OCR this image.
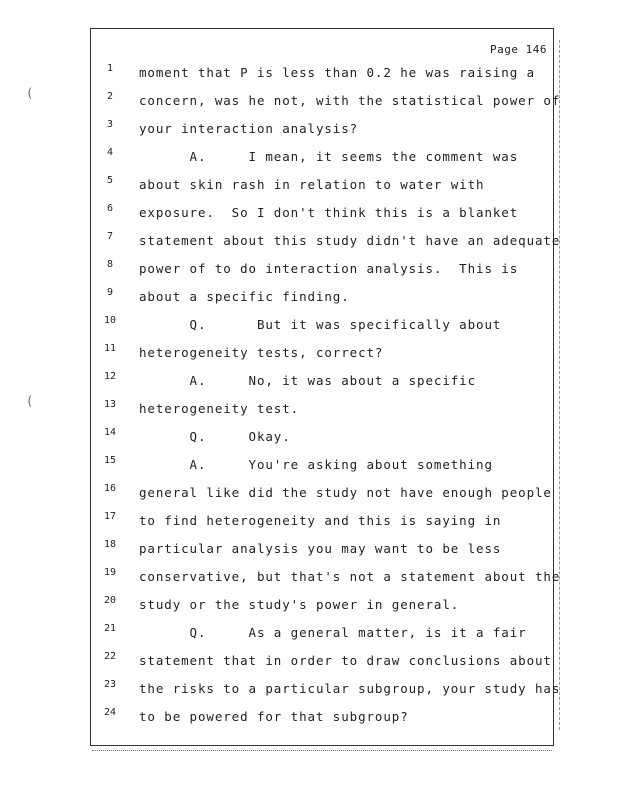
Page 146
1	moment that P is less than 0.2 he was raising a
2	concern, was he not, with the statistical power of
3	your interaction analysis?
4	A.     I mean, it seems the comment was
5	about skin rash in relation to water with
6	exposure.  So I don't think this is a blanket
7	statement about this study didn't have an adequate
8	power of to do interaction analysis.  This is
9	about a specific finding.
10	Q.      But it was specifically about
11	heterogeneity tests, correct?
12	A.     No, it was about a specific
13	heterogeneity test.
14	Q.     Okay.
15	A.     You're asking about something
16	general like did the study not have enough people
17	to find heterogeneity and this is saying in
18	particular analysis you may want to be less
19	conservative, but that's not a statement about the
20	study or the study's power in general.
21	Q.     As a general matter, is it a fair
22	statement that in order to draw conclusions about
23	the risks to a particular subgroup, your study has
24	to be powered for that subgroup?
(
(
